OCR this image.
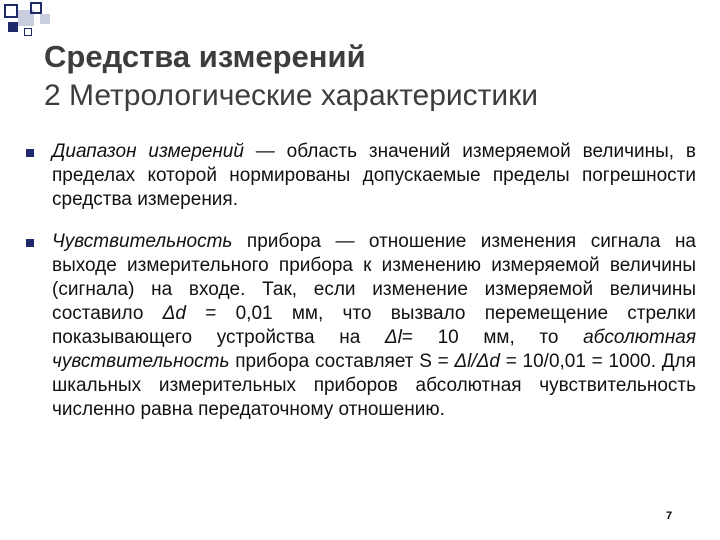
Средства измерений
2 Метрологические характеристики

Диапазон измерений — область значений измеряемой величины, в пределах которой нормированы допускаемые пределы погрешности средства измерения.

Чувствительность прибора — отношение изменения сигнала на выходе измерительного прибора к изменению измеряемой величины (сигнала) на входе. Так, если изменение измеряемой величины составило Δd = 0,01 мм, что вызвало перемещение стрелки показывающего устройства на Δl= 10 мм, то абсолютная чувствительность прибора составляет S = Δl/Δd = 10/0,01 = 1000. Для шкальных измерительных приборов абсолютная чувствительность численно равна передаточному отношению.

7
